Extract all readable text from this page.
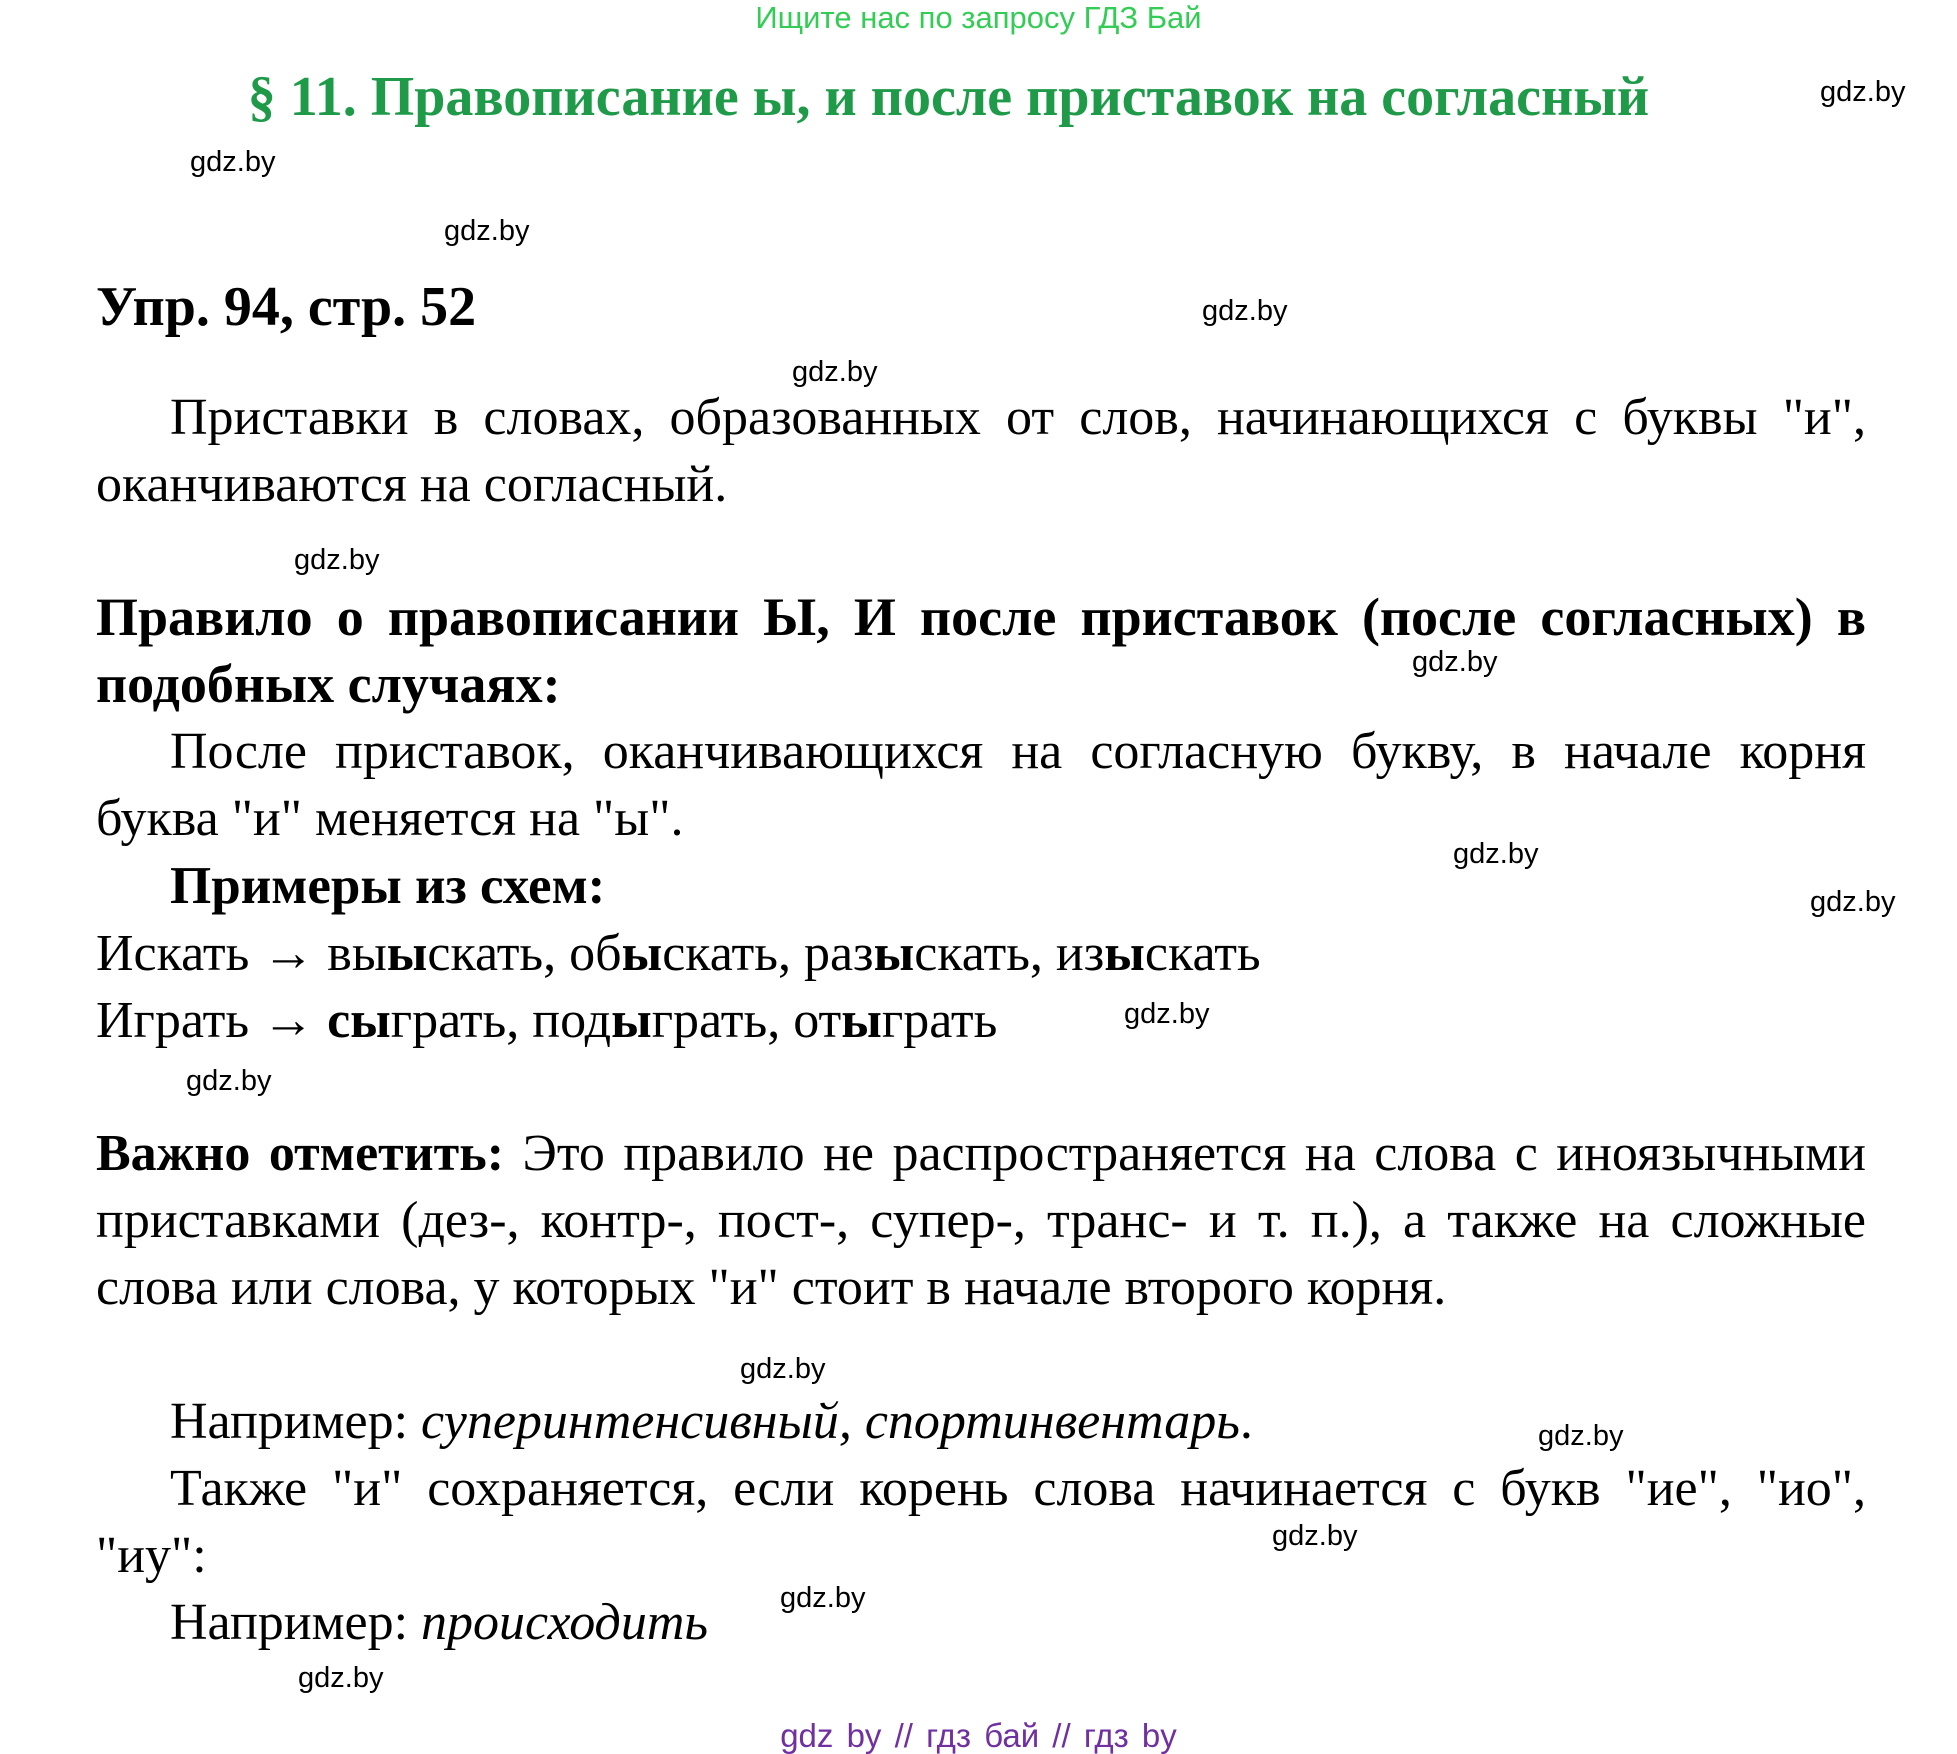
Ищите нас по запросу ГДЗ Бай
§ 11. Правописание ы, и после приставок на согласный
Упр. 94, стр. 52
Приставки в словах, образованных от слов, начинающихся с буквы "и", оканчиваются на согласный.
Правило о правописании Ы, И после приставок (после согласных) в подобных случаях:
После приставок, оканчивающихся на согласную букву, в начале корня буква "и" меняется на "ы".
Примеры из схем:
Искать → выыскать, обыскать, разыскать, изыскать
Играть → сыграть, подыграть, отыграть
Важно отметить: Это правило не распространяется на слова с иноязычными приставками (дез-, контр-, пост-, супер-, транс- и т. п.), а также на сложные слова или слова, у которых "и" стоит в начале второго корня.
Например: суперинтенсивный, спортинвентарь.
Также "и" сохраняется, если корень слова начинается с букв "ие", "ио", "иу":
Например: происходить
gdz.by
gdz.by
gdz.by
gdz.by
gdz.by
gdz.by
gdz.by
gdz.by
gdz.by
gdz.by
gdz.by
gdz.by
gdz.by
gdz.by
gdz.by
gdz.by
gdz by // гдз бай // гдз by
